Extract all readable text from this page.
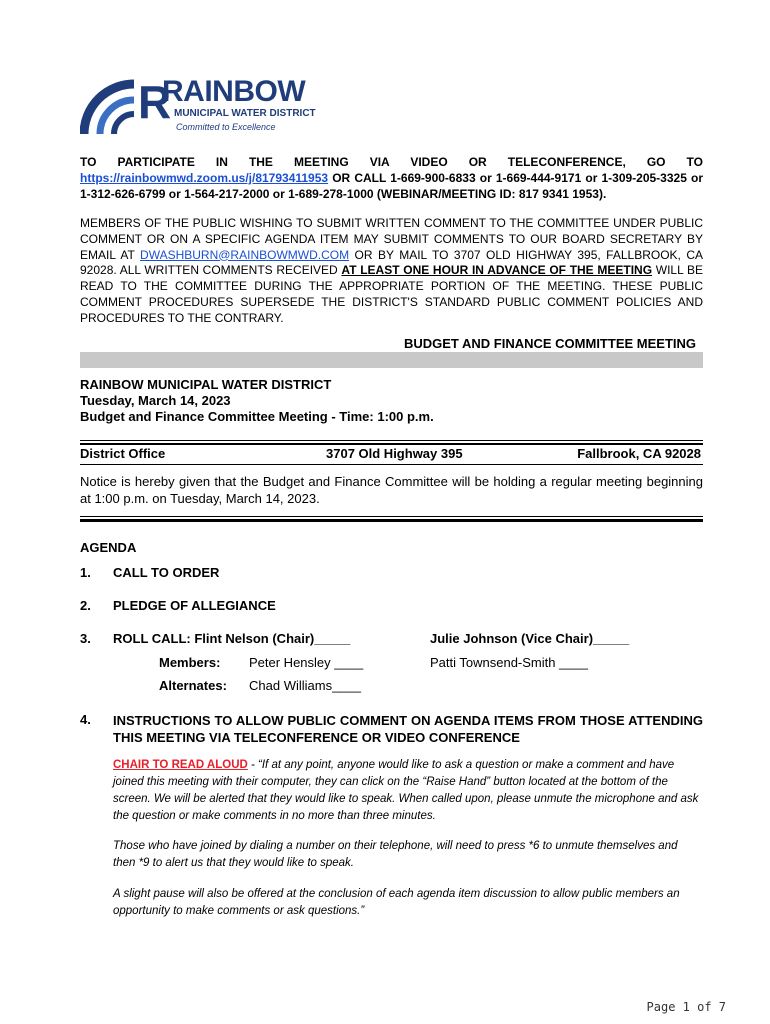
R
RAINBOW
MUNICIPAL WATER DISTRICT
Committed to Excellence
TO PARTICIPATE IN THE MEETING VIA VIDEO OR TELECONFERENCE, GO TO https://rainbowmwd.zoom.us/j/81793411953 OR CALL 1-669-900-6833 or 1-669-444-9171 or 1-309-205-3325 or 1-312-626-6799 or 1-564-217-2000 or 1-689-278-1000 (WEBINAR/MEETING ID: 817 9341 1953).
MEMBERS OF THE PUBLIC WISHING TO SUBMIT WRITTEN COMMENT TO THE COMMITTEE UNDER PUBLIC COMMENT OR ON A SPECIFIC AGENDA ITEM MAY SUBMIT COMMENTS TO OUR BOARD SECRETARY BY EMAIL AT DWASHBURN@RAINBOWMWD.COM OR BY MAIL TO 3707 OLD HIGHWAY 395, FALLBROOK, CA 92028. ALL WRITTEN COMMENTS RECEIVED AT LEAST ONE HOUR IN ADVANCE OF THE MEETING WILL BE READ TO THE COMMITTEE DURING THE APPROPRIATE PORTION OF THE MEETING. THESE PUBLIC COMMENT PROCEDURES SUPERSEDE THE DISTRICT'S STANDARD PUBLIC COMMENT POLICIES AND PROCEDURES TO THE CONTRARY.
BUDGET AND FINANCE COMMITTEE MEETING
RAINBOW MUNICIPAL WATER DISTRICT
Tuesday, March 14, 2023
Budget and Finance Committee Meeting - Time: 1:00 p.m.
District Office	3707 Old Highway 395	Fallbrook, CA 92028
Notice is hereby given that the Budget and Finance Committee will be holding a regular meeting beginning at 1:00 p.m. on Tuesday, March 14, 2023.
AGENDA
1. CALL TO ORDER
2. PLEDGE OF ALLEGIANCE
3. ROLL CALL: Flint Nelson (Chair)_____	Julie Johnson (Vice Chair)_____
Members: Peter Hensley ____	Patti Townsend-Smith ____
Alternates: Chad Williams____
4. INSTRUCTIONS TO ALLOW PUBLIC COMMENT ON AGENDA ITEMS FROM THOSE ATTENDING THIS MEETING VIA TELECONFERENCE OR VIDEO CONFERENCE
CHAIR TO READ ALOUD - “If at any point, anyone would like to ask a question or make a comment and have joined this meeting with their computer, they can click on the “Raise Hand” button located at the bottom of the screen. We will be alerted that they would like to speak. When called upon, please unmute the microphone and ask the question or make comments in no more than three minutes.
Those who have joined by dialing a number on their telephone, will need to press *6 to unmute themselves and then *9 to alert us that they would like to speak.
A slight pause will also be offered at the conclusion of each agenda item discussion to allow public members an opportunity to make comments or ask questions.”
Page 1 of 7
